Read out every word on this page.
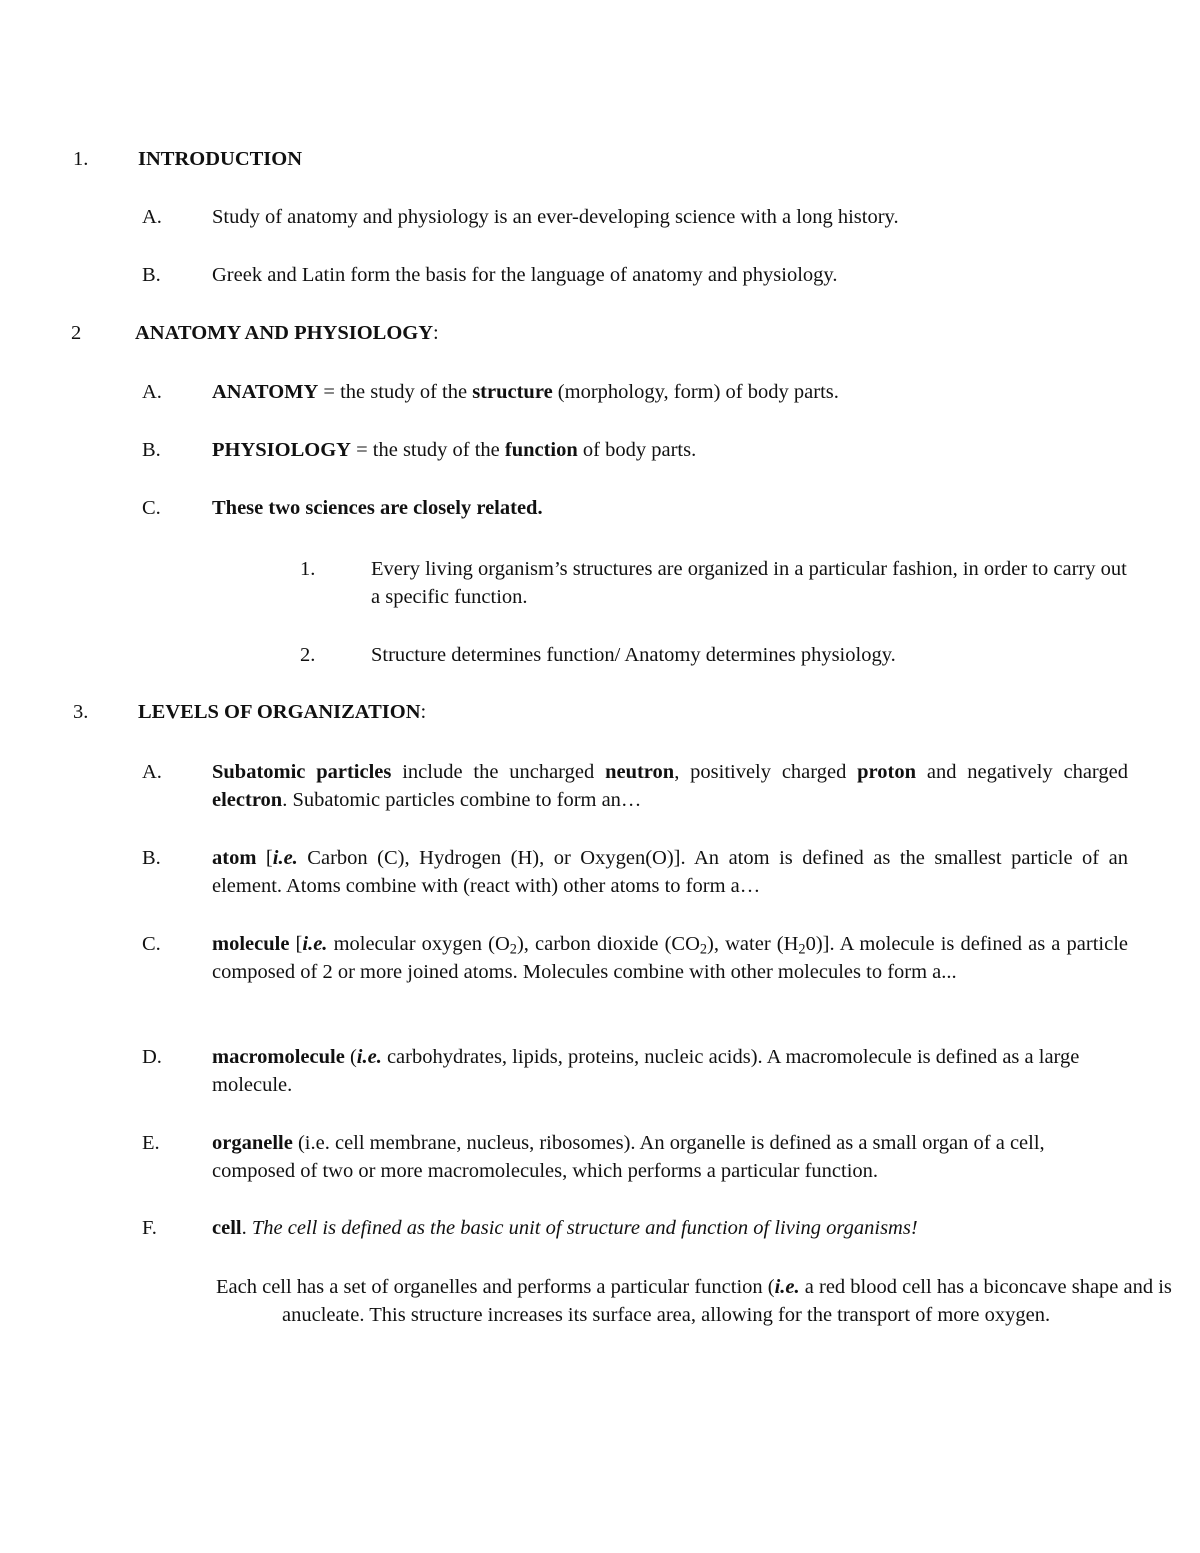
1. INTRODUCTION
A. Study of anatomy and physiology is an ever-developing science with a long history.
B. Greek and Latin form the basis for the language of anatomy and physiology.
2	ANATOMY AND PHYSIOLOGY:
A. ANATOMY = the study of the structure (morphology, form) of body parts.
B. PHYSIOLOGY = the study of the function of body parts.
C. These two sciences are closely related.
1.	Every living organism’s structures are organized in a particular fashion, in order to carry out a specific function.
2.	Structure determines function/ Anatomy determines physiology.
3. LEVELS OF ORGANIZATION:
A. Subatomic particles include the uncharged neutron, positively charged proton and negatively charged electron. Subatomic particles combine to form an…
B. atom [i.e. Carbon (C), Hydrogen (H), or Oxygen(O)]. An atom is defined as the smallest particle of an element. Atoms combine with (react with) other atoms to form a…
C. molecule [i.e. molecular oxygen $(O_2)$, carbon dioxide $(CO_2)$, water $(H_20)$]. A molecule is defined as a particle composed of 2 or more joined atoms. Molecules combine with other molecules to form a...
D. macromolecule (i.e. carbohydrates, lipids, proteins, nucleic acids). A macromolecule is defined as a large molecule.
E.	organelle (i.e. cell membrane, nucleus, ribosomes). An organelle is defined as a small organ of a cell, composed of two or more macromolecules, which performs a particular function.
F.	cell. The cell is defined as the basic unit of structure and function of living organisms!
Each cell has a set of organelles and performs a particular function (i.e. a red blood cell has a biconcave shape and is anucleate. This structure increases its surface area, allowing for the transport of more oxygen.
